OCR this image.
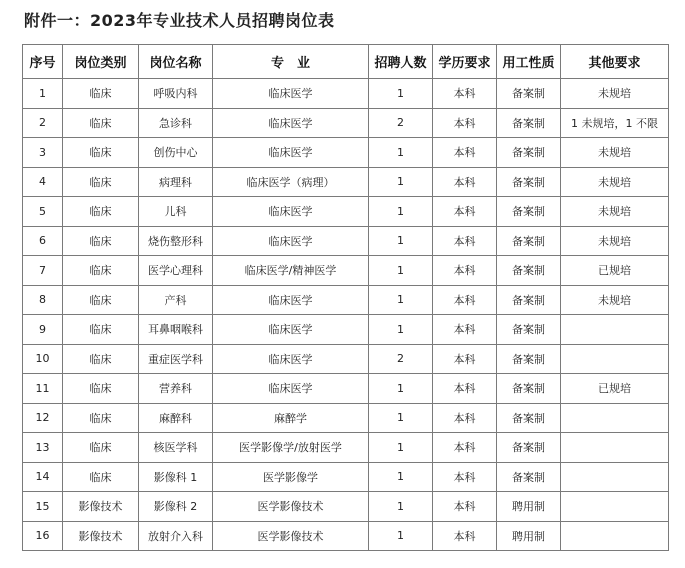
附件一：2023年专业技术人员招聘岗位表
序号	岗位类别	岗位名称	专　业	招聘人数	学历要求	用工性质	其他要求
1	临床	呼吸内科	临床医学	1	本科	备案制	未规培
2	临床	急诊科	临床医学	2	本科	备案制	1 未规培，1 不限
3	临床	创伤中心	临床医学	1	本科	备案制	未规培
4	临床	病理科	临床医学（病理）	1	本科	备案制	未规培
5	临床	儿科	临床医学	1	本科	备案制	未规培
6	临床	烧伤整形科	临床医学	1	本科	备案制	未规培
7	临床	医学心理科	临床医学/精神医学	1	本科	备案制	已规培
8	临床	产科	临床医学	1	本科	备案制	未规培
9	临床	耳鼻咽喉科	临床医学	1	本科	备案制	
10	临床	重症医学科	临床医学	2	本科	备案制	
11	临床	营养科	临床医学	1	本科	备案制	已规培
12	临床	麻醉科	麻醉学	1	本科	备案制	
13	临床	核医学科	医学影像学/放射医学	1	本科	备案制	
14	临床	影像科 1	医学影像学	1	本科	备案制	
15	影像技术	影像科 2	医学影像技术	1	本科	聘用制	
16	影像技术	放射介入科	医学影像技术	1	本科	聘用制	
